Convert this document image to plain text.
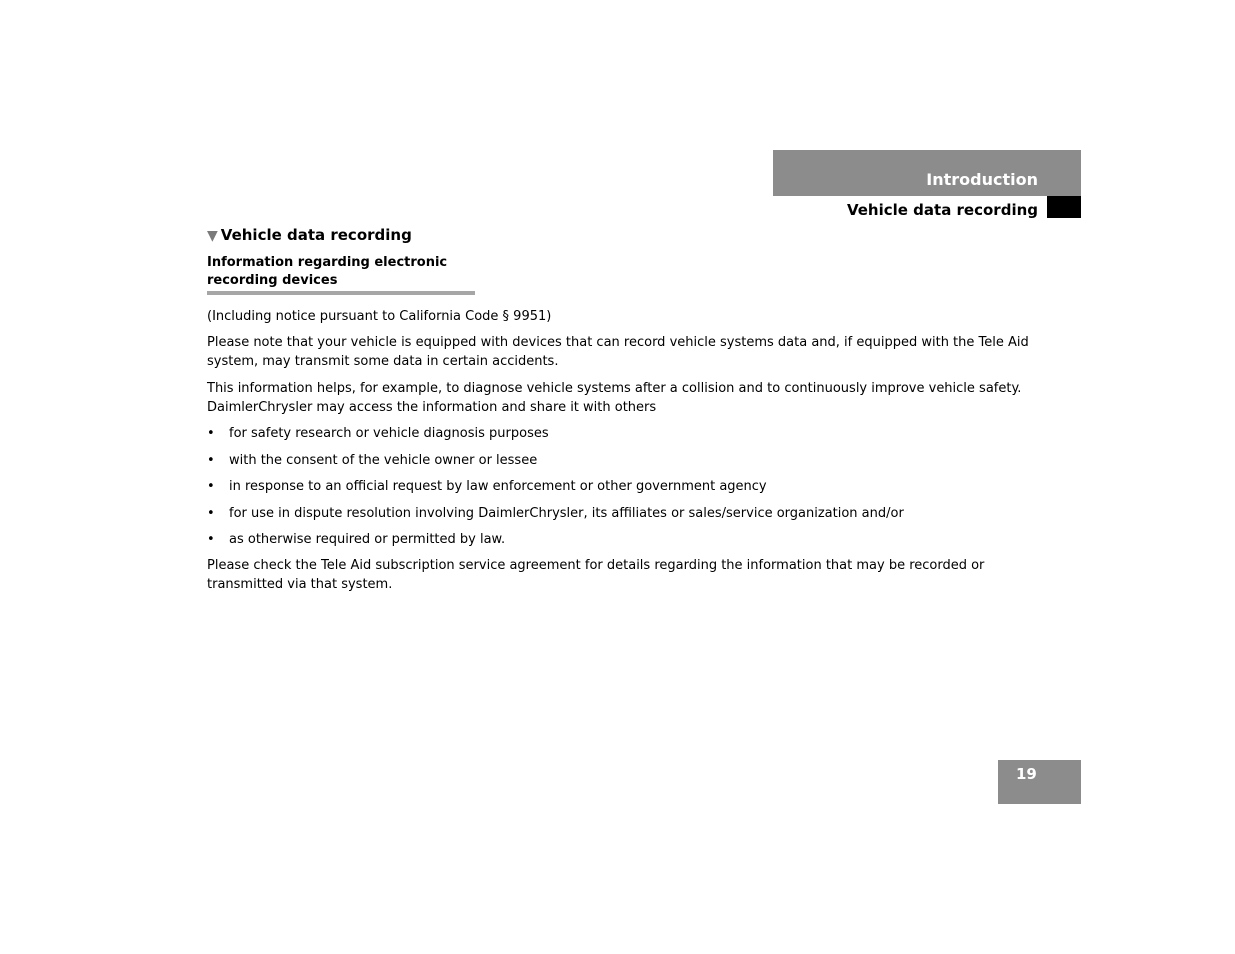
Introduction
Vehicle data recording
▼ Vehicle data recording
Information regarding electronic
recording devices

(Including notice pursuant to California Code § 9951)

Please note that your vehicle is equipped with devices that can record vehicle systems data and, if equipped with the Tele Aid system, may transmit some data in certain accidents.

This information helps, for example, to diagnose vehicle systems after a collision and to continuously improve vehicle safety. DaimlerChrysler may access the information and share it with others

• for safety research or vehicle diagnosis purposes
• with the consent of the vehicle owner or lessee
• in response to an official request by law enforcement or other government agency
• for use in dispute resolution involving DaimlerChrysler, its affiliates or sales/service organization and/or
• as otherwise required or permitted by law.

Please check the Tele Aid subscription service agreement for details regarding the information that may be recorded or transmitted via that system.

19
